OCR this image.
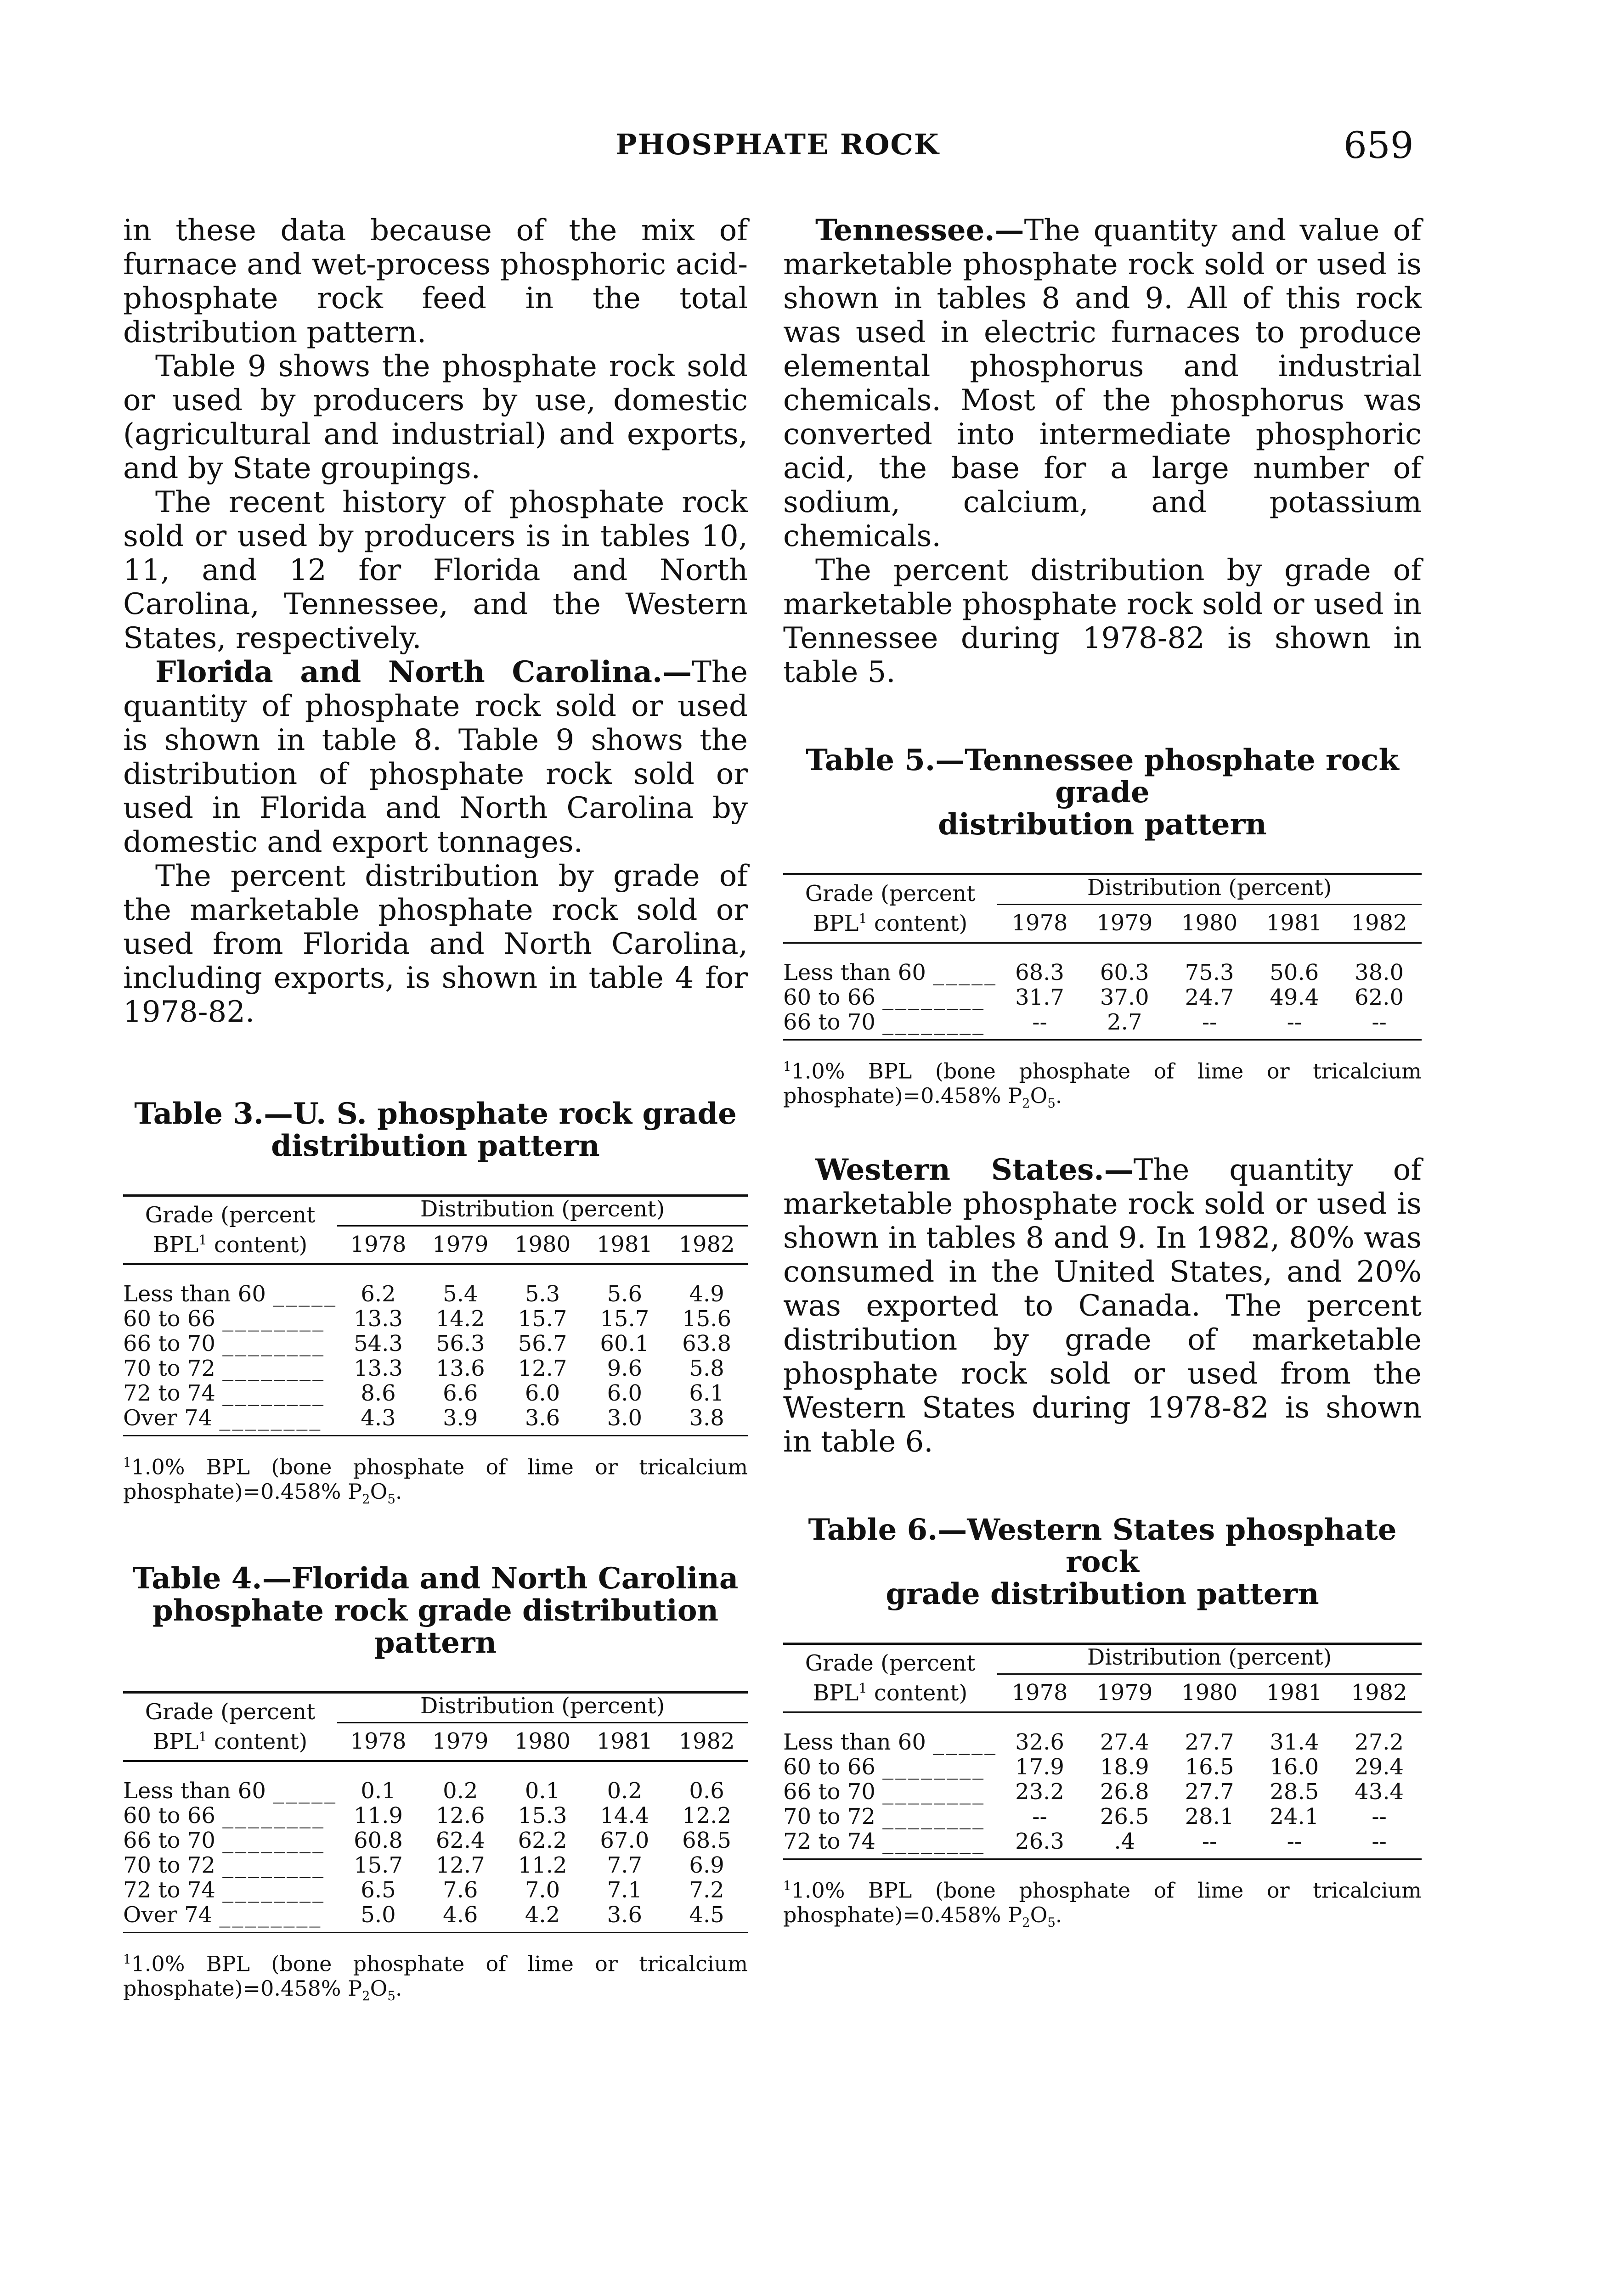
PHOSPHATE ROCK	659

in these data because of the mix of furnace and wet-process phosphoric acid-phosphate rock feed in the total distribution pattern.

Table 9 shows the phosphate rock sold or used by producers by use, domestic (agricultural and industrial) and exports, and by State groupings.

The recent history of phosphate rock sold or used by producers is in tables 10, 11, and 12 for Florida and North Carolina, Tennessee, and the Western States, respectively.

Florida and North Carolina.—The quantity of phosphate rock sold or used is shown in table 8. Table 9 shows the distribution of phosphate rock sold or used in Florida and North Carolina by domestic and export tonnages.

The percent distribution by grade of the marketable phosphate rock sold or used from Florida and North Carolina, including exports, is shown in table 4 for 1978-82.

Table 3.—U. S. phosphate rock grade
distribution pattern
Grade (percent
BPL$^1$ content)	Distribution (percent)				
	1978	1979	1980	1981	1982

Less than 60 _____	6.2	5.4	5.3	5.6	4.9
60 to 66 ________	13.3	14.2	15.7	15.7	15.6
66 to 70 ________	54.3	56.3	56.7	60.1	63.8
70 to 72 ________	13.3	13.6	12.7	9.6	5.8
72 to 74 ________	8.6	6.6	6.0	6.0	6.1
Over 74 ________	4.3	3.9	3.6	3.0	3.8
$^1$1.0% BPL (bone phosphate of lime or tricalcium phosphate)=0.458% $P_2O_5$.
Table 4.—Florida and North Carolina
phosphate rock grade distribution pattern
Grade (percent
BPL$^1$ content)	Distribution (percent)				
	1978	1979	1980	1981	1982

Less than 60 _____	0.1	0.2	0.1	0.2	0.6
60 to 66 ________	11.9	12.6	15.3	14.4	12.2
66 to 70 ________	60.8	62.4	62.2	67.0	68.5
70 to 72 ________	15.7	12.7	11.2	7.7	6.9
72 to 74 ________	6.5	7.6	7.0	7.1	7.2
Over 74 ________	5.0	4.6	4.2	3.6	4.5
$^1$1.0% BPL (bone phosphate of lime or tricalcium phosphate)=0.458% $P_2O_5$.

Tennessee.—The quantity and value of marketable phosphate rock sold or used is shown in tables 8 and 9. All of this rock was used in electric furnaces to produce elemental phosphorus and industrial chemicals. Most of the phosphorus was converted into intermediate phosphoric acid, the base for a large number of sodium, calcium, and potassium chemicals.

The percent distribution by grade of marketable phosphate rock sold or used in Tennessee during 1978-82 is shown in table 5.

Table 5.—Tennessee phosphate rock grade
distribution pattern
Grade (percent
BPL$^1$ content)	Distribution (percent)				
	1978	1979	1980	1981	1982

Less than 60 _____	68.3	60.3	75.3	50.6	38.0
60 to 66 ________	31.7	37.0	24.7	49.4	62.0
66 to 70 ________	--	2.7	--	--	--
$^1$1.0% BPL (bone phosphate of lime or tricalcium phosphate)=0.458% $P_2O_5$.

Western States.—The quantity of marketable phosphate rock sold or used is shown in tables 8 and 9. In 1982, 80% was consumed in the United States, and 20% was exported to Canada. The percent distribution by grade of marketable phosphate rock sold or used from the Western States during 1978-82 is shown in table 6.

Table 6.—Western States phosphate rock
grade distribution pattern
Grade (percent
BPL$^1$ content)	Distribution (percent)				
	1978	1979	1980	1981	1982

Less than 60 _____	32.6	27.4	27.7	31.4	27.2
60 to 66 ________	17.9	18.9	16.5	16.0	29.4
66 to 70 ________	23.2	26.8	27.7	28.5	43.4
70 to 72 ________	--	26.5	28.1	24.1	--
72 to 74 ________	26.3	.4	--	--	--
$^1$1.0% BPL (bone phosphate of lime or tricalcium phosphate)=0.458% $P_2O_5$.
